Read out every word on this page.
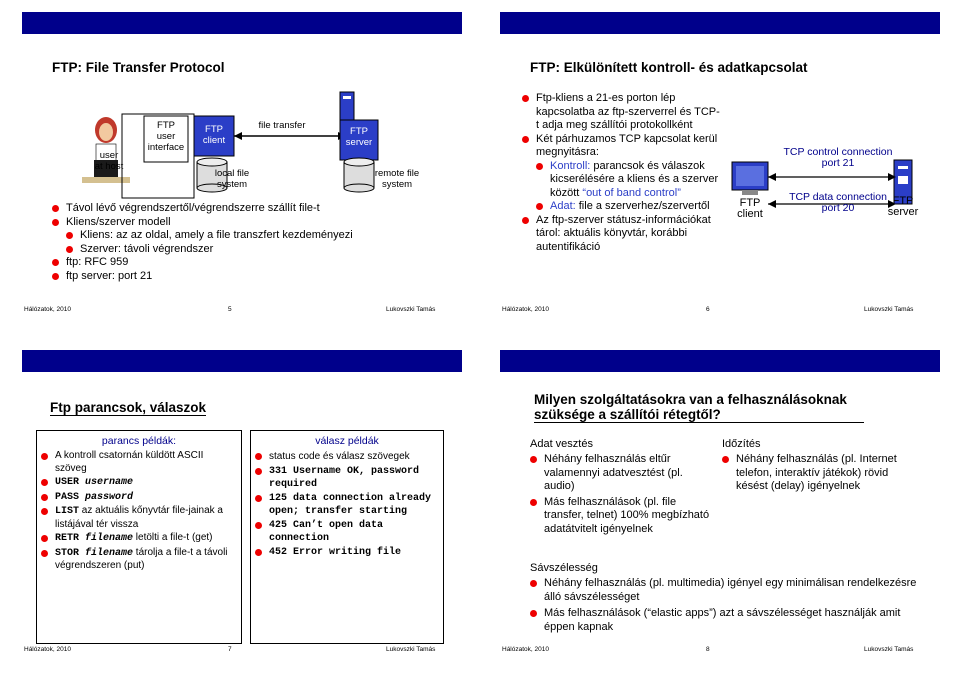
FTP: File Transfer Protocol
user
at host
FTP
user
interface
FTP
client
file transfer
FTP
server
local file
system
remote file
system
Távol lévő végrendszertől/végrendszerre szállít file-t
Kliens/szerver modell
Kliens: az az oldal, amely a file transzfert kezdeményezi
Szerver: távoli végrendszer
ftp: RFC 959
ftp server: port 21
Hálózatok, 2010	5	Lukovszki Tamás
FTP: Elkülönített kontroll- és adatkapcsolat
Ftp-kliens a 21-es porton lép kapcsolatba az ftp-szerverrel és TCP-t adja meg szállítói protokollként
Két párhuzamos TCP kapcsolat kerül megnyitásra:
Kontroll: parancsok és válaszok kicserélésére a kliens és a szerver között “out of band control”
Adat: file a szerverhez/szervertől
Az ftp-szerver státusz-információkat tárol: aktuális könyvtár, korábbi autentifikáció
TCP control connection
port 21
TCP data connection
port 20
FTP
client
FTP
server
Hálózatok, 2010	6	Lukovszki Tamás
Ftp parancsok, válaszok
parancs példák:
A kontroll csatornán küldött ASCII szöveg
USER username
PASS password
LIST az aktuális kőnyvtár file-jainak a listájával tér vissza
RETR filename letölti a file-t (get)
STOR filename tárolja a file-t a távoli végrendszeren (put)
válasz példák
status code és válasz szövegek
331 Username OK, password required
125 data connection already open; transfer starting
425 Can’t open data connection
452 Error writing file
Hálózatok, 2010	7	Lukovszki Tamás
Milyen szolgáltatásokra van a felhasználásoknak szüksége a szállítói rétegtől?
Adat vesztés
Néhány felhasználás eltűr valamennyi adatvesztést (pl. audio)
Más felhasználások (pl. file transfer, telnet) 100% megbízható adatátvitelt igényelnek
Időzítés
Néhány felhasználás (pl. Internet telefon, interaktív játékok) rövid késést (delay) igényelnek
Sávszélesség
Néhány felhasználás (pl. multimedia) igényel egy minimálisan rendelkezésre álló sávszélességet
Más felhasználások (“elastic apps”) azt a sávszélességet használják amit éppen kapnak
Hálózatok, 2010	8	Lukovszki Tamás
